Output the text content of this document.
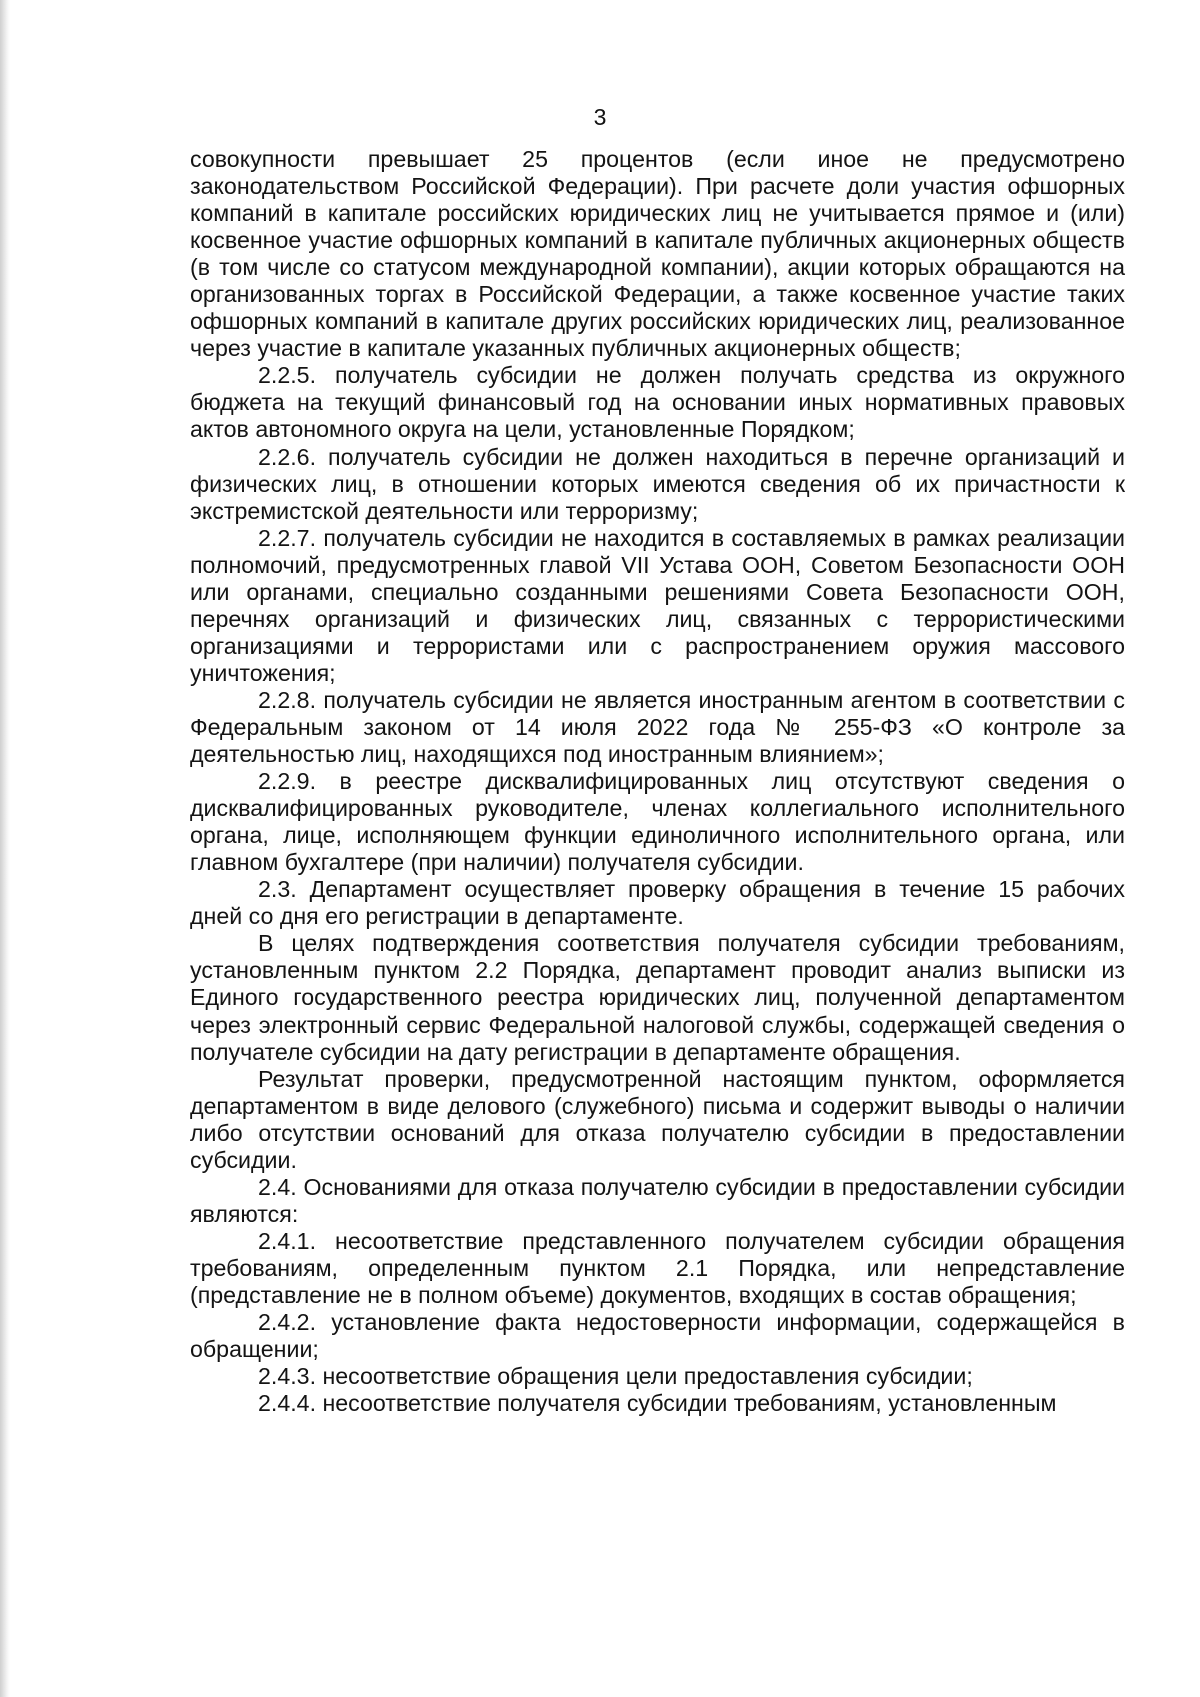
3

совокупности превышает 25 процентов (если иное не предусмотрено законодательством Российской Федерации). При расчете доли участия офшорных компаний в капитале российских юридических лиц не учитывается прямое и (или) косвенное участие офшорных компаний в капитале публичных акционерных обществ (в том числе со статусом международной компании), акции которых обращаются на организованных торгах в Российской Федерации, а также косвенное участие таких офшорных компаний в капитале других российских юридических лиц, реализованное через участие в капитале указанных публичных акционерных обществ;

2.2.5. получатель субсидии не должен получать средства из окружного бюджета на текущий финансовый год на основании иных нормативных правовых актов автономного округа на цели, установленные Порядком;

2.2.6. получатель субсидии не должен находиться в перечне организаций и физических лиц, в отношении которых имеются сведения об их причастности к экстремистской деятельности или терроризму;

2.2.7. получатель субсидии не находится в составляемых в рамках реализации полномочий, предусмотренных главой VII Устава ООН, Советом Безопасности ООН или органами, специально созданными решениями Совета Безопасности ООН, перечнях организаций и физических лиц, связанных с террористическими организациями и террористами или с распространением оружия массового уничтожения;

2.2.8. получатель субсидии не является иностранным агентом в соответствии с Федеральным законом от 14 июля 2022 года № 255-ФЗ «О контроле за деятельностью лиц, находящихся под иностранным влиянием»;

2.2.9. в реестре дисквалифицированных лиц отсутствуют сведения о дисквалифицированных руководителе, членах коллегиального исполнительного органа, лице, исполняющем функции единоличного исполнительного органа, или главном бухгалтере (при наличии) получателя субсидии.

2.3. Департамент осуществляет проверку обращения в течение 15 рабочих дней со дня его регистрации в департаменте.

В целях подтверждения соответствия получателя субсидии требованиям, установленным пунктом 2.2 Порядка, департамент проводит анализ выписки из Единого государственного реестра юридических лиц, полученной департаментом через электронный сервис Федеральной налоговой службы, содержащей сведения о получателе субсидии на дату регистрации в департаменте обращения.

Результат проверки, предусмотренной настоящим пунктом, оформляется департаментом в виде делового (служебного) письма и содержит выводы о наличии либо отсутствии оснований для отказа получателю субсидии в предоставлении субсидии.

2.4. Основаниями для отказа получателю субсидии в предоставлении субсидии являются:

2.4.1. несоответствие представленного получателем субсидии обращения требованиям, определенным пунктом 2.1 Порядка, или непредставление (представление не в полном объеме) документов, входящих в состав обращения;

2.4.2. установление факта недостоверности информации, содержащейся в обращении;

2.4.3. несоответствие обращения цели предоставления субсидии;

2.4.4. несоответствие получателя субсидии требованиям, установленным
